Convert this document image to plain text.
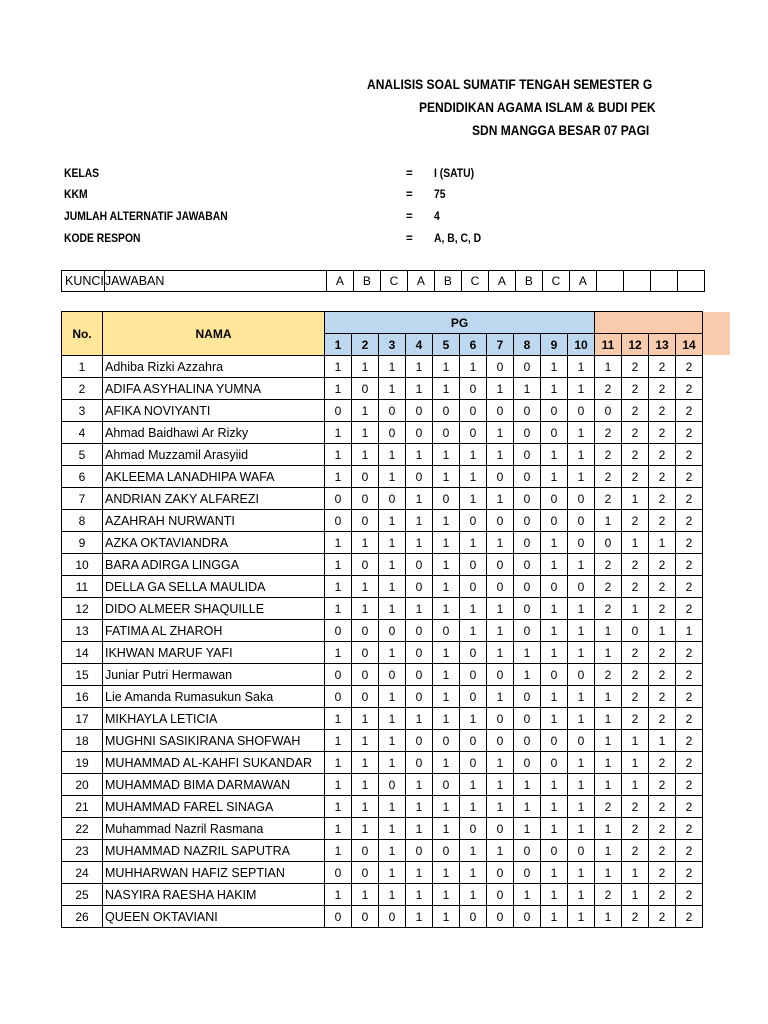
ANALISIS SOAL SUMATIF TENGAH SEMESTER G
PENDIDIKAN AGAMA ISLAM & BUDI PEK
SDN MANGGA BESAR 07 PAGI
KELAS	= I (SATU)
KKM	= 75
JUMLAH ALTERNATIF JAWABAN	= 4
KODE RESPON	= A, B, C, D
KUNCI	JAWABAN	A	B	C	A	B	C	A	B	C	A				
No.	NAMA	PG													
		1	2	3	4	5	6	7	8	9	10	11	12	13	14
1	Adhiba Rizki Azzahra	1	1	1	1	1	1	0	0	1	1	1	2	2	2
2	ADIFA ASYHALINA YUMNA	1	0	1	1	1	0	1	1	1	1	2	2	2	2
3	AFIKA NOVIYANTI	0	1	0	0	0	0	0	0	0	0	0	2	2	2
4	Ahmad Baidhawi Ar Rizky	1	1	0	0	0	0	1	0	0	1	2	2	2	2
5	Ahmad Muzzamil Arasyiid	1	1	1	1	1	1	1	0	1	1	2	2	2	2
6	AKLEEMA LANADHIPA WAFA	1	0	1	0	1	1	0	0	1	1	2	2	2	2
7	ANDRIAN ZAKY ALFAREZI	0	0	0	1	0	1	1	0	0	0	2	1	2	2
8	AZAHRAH NURWANTI	0	0	1	1	1	0	0	0	0	0	1	2	2	2
9	AZKA OKTAVIANDRA	1	1	1	1	1	1	1	0	1	0	0	1	1	2
10	BARA ADIRGA LINGGA	1	0	1	0	1	0	0	0	1	1	2	2	2	2
11	DELLA GA SELLA MAULIDA	1	1	1	0	1	0	0	0	0	0	2	2	2	2
12	DIDO ALMEER SHAQUILLE	1	1	1	1	1	1	1	0	1	1	2	1	2	2
13	FATIMA AL ZHAROH	0	0	0	0	0	1	1	0	1	1	1	0	1	1
14	IKHWAN MARUF YAFI	1	0	1	0	1	0	1	1	1	1	1	2	2	2
15	Juniar Putri Hermawan	0	0	0	0	1	0	0	1	0	0	2	2	2	2
16	Lie Amanda Rumasukun Saka	0	0	1	0	1	0	1	0	1	1	1	2	2	2
17	MIKHAYLA LETICIA	1	1	1	1	1	1	0	0	1	1	1	2	2	2
18	MUGHNI SASIKIRANA SHOFWAH	1	1	1	0	0	0	0	0	0	0	1	1	1	2
19	MUHAMMAD AL-KAHFI SUKANDAR	1	1	1	0	1	0	1	0	0	1	1	1	2	2
20	MUHAMMAD BIMA DARMAWAN	1	1	0	1	0	1	1	1	1	1	1	1	2	2
21	MUHAMMAD FAREL SINAGA	1	1	1	1	1	1	1	1	1	1	2	2	2	2
22	Muhammad Nazril Rasmana	1	1	1	1	1	0	0	1	1	1	1	2	2	2
23	MUHAMMAD NAZRIL SAPUTRA	1	0	1	0	0	1	1	0	0	0	1	2	2	2
24	MUHHARWAN HAFIZ SEPTIAN	0	0	1	1	1	1	0	0	1	1	1	1	2	2
25	NASYIRA RAESHA HAKIM	1	1	1	1	1	1	0	1	1	1	2	1	2	2
26	QUEEN OKTAVIANI	0	0	0	1	1	0	0	0	1	1	1	2	2	2
